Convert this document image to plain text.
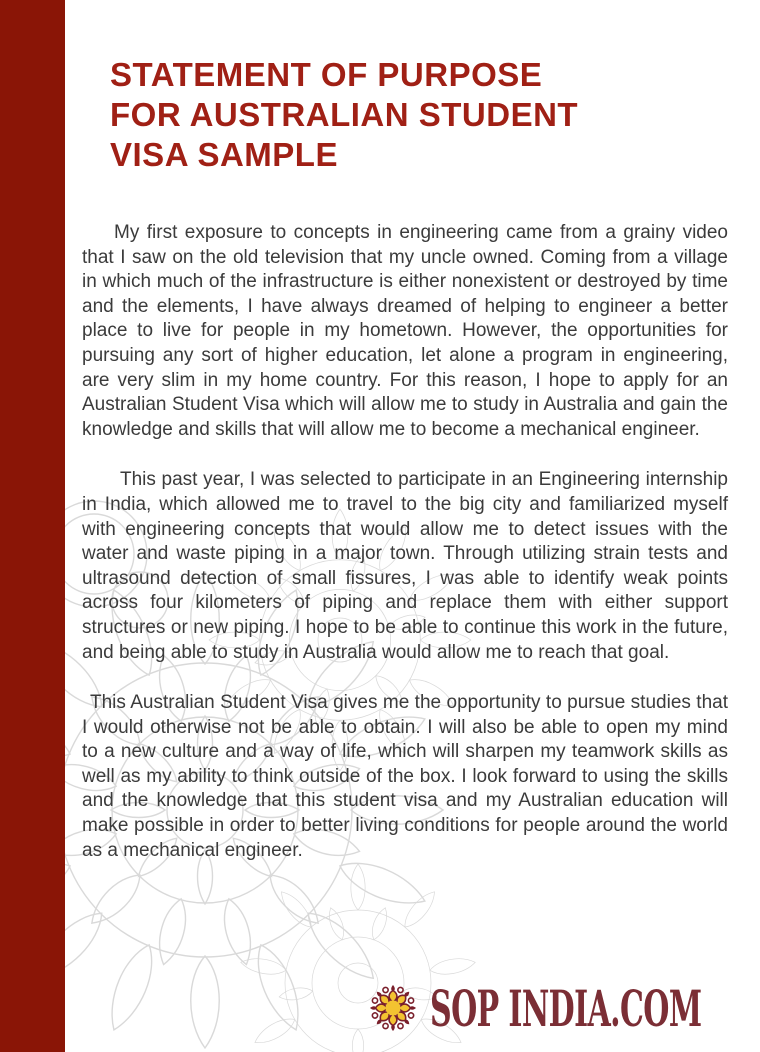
STATEMENT OF PURPOSE
FOR AUSTRALIAN STUDENT
VISA SAMPLE

My first exposure to concepts in engineering came from a grainy video that I saw on the old television that my uncle owned. Coming from a village in which much of the infrastructure is either nonexistent or destroyed by time and the elements, I have always dreamed of helping to engineer a better place to live for people in my hometown. However, the opportunities for pursuing any sort of higher education, let alone a program in engineering, are very slim in my home country. For this reason, I hope to apply for an Australian Student Visa which will allow me to study in Australia and gain the knowledge and skills that will allow me to become a mechanical engineer.

This past year, I was selected to participate in an Engineering internship in India, which allowed me to travel to the big city and familiarized myself with engineering concepts that would allow me to detect issues with the water and waste piping in a major town. Through utilizing strain tests and ultrasound detection of small fissures, I was able to identify weak points across four kilometers of piping and replace them with either support structures or new piping. I hope to be able to continue this work in the future, and being able to study in Australia would allow me to reach that goal.

This Australian Student Visa gives me the opportunity to pursue studies that I would otherwise not be able to obtain. I will also be able to open my mind to a new culture and a way of life, which will sharpen my teamwork skills as well as my ability to think outside of the box. I look forward to using the skills and the knowledge that this student visa and my Australian education will make possible in order to better living conditions for people around the world as a mechanical engineer.

SOP INDIA.COM
